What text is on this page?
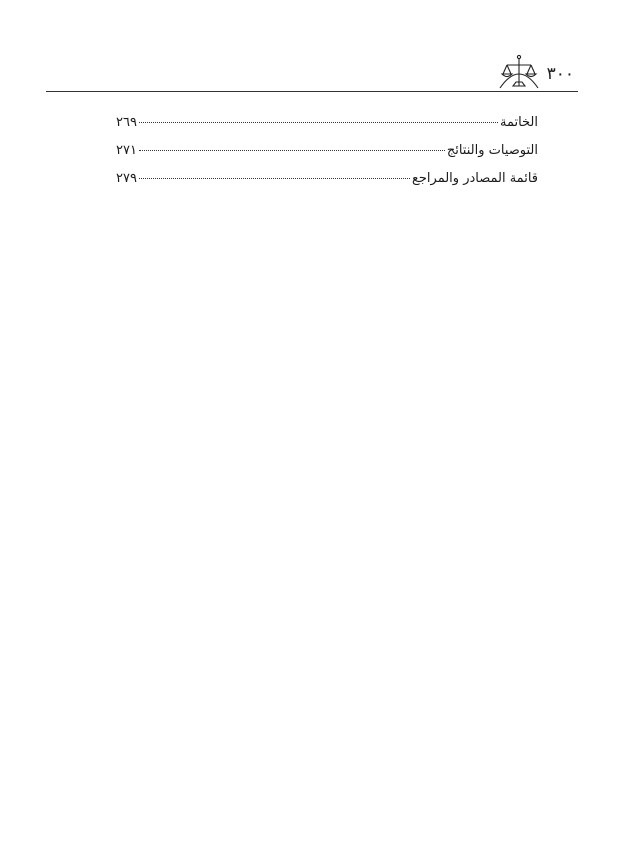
٣٠٠
الخاتمة
٢٦٩
التوصيات والنتائج
٢٧١
قائمة المصادر والمراجع
٢٧٩
